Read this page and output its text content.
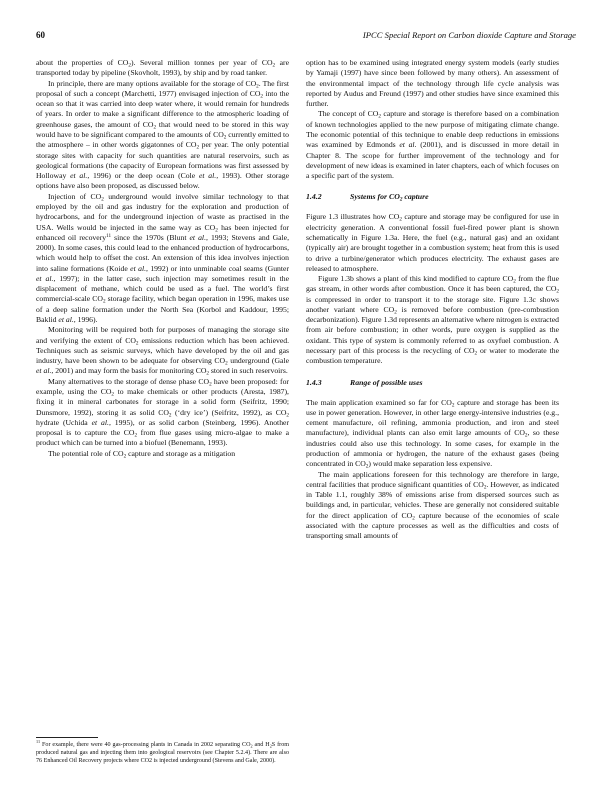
60	IPCC Special Report on Carbon dioxide Capture and Storage

about the properties of $CO_2$). Several million tonnes per year of $CO_2$ are transported today by pipeline (Skovholt, 1993), by ship and by road tanker.

In principle, there are many options available for the storage of $CO_2$. The first proposal of such a concept (Marchetti, 1977) envisaged injection of $CO_2$ into the ocean so that it was carried into deep water where, it would remain for hundreds of years. In order to make a significant difference to the atmospheric loading of greenhouse gases, the amount of $CO_2$ that would need to be stored in this way would have to be significant compared to the amounts of $CO_2$ currently emitted to the atmosphere – in other words gigatonnes of $CO_2$ per year. The only potential storage sites with capacity for such quantities are natural reservoirs, such as geological formations (the capacity of European formations was first assessed by Holloway et al., 1996) or the deep ocean (Cole et al., 1993). Other storage options have also been proposed, as discussed below.

Injection of $CO_2$ underground would involve similar technology to that employed by the oil and gas industry for the exploration and production of hydrocarbons, and for the underground injection of waste as practised in the USA. Wells would be injected in the same way as $CO_2$ has been injected for enhanced oil recovery$^{11}$ since the 1970s (Blunt et al., 1993; Stevens and Gale, 2000). In some cases, this could lead to the enhanced production of hydrocarbons, which would help to offset the cost. An extension of this idea involves injection into saline formations (Koide et al., 1992) or into unminable coal seams (Gunter et al., 1997); in the latter case, such injection may sometimes result in the displacement of methane, which could be used as a fuel. The world’s first commercial-scale $CO_2$ storage facility, which began operation in 1996, makes use of a deep saline formation under the North Sea (Korbol and Kaddour, 1995; Baklid et al., 1996).

Monitoring will be required both for purposes of managing the storage site and verifying the extent of $CO_2$ emissions reduction which has been achieved. Techniques such as seismic surveys, which have developed by the oil and gas industry, have been shown to be adequate for observing $CO_2$ underground (Gale et al., 2001) and may form the basis for monitoring $CO_2$ stored in such reservoirs.

Many alternatives to the storage of dense phase $CO_2$ have been proposed: for example, using the $CO_2$ to make chemicals or other products (Aresta, 1987), fixing it in mineral carbonates for storage in a solid form (Seifritz, 1990; Dunsmore, 1992), storing it as solid $CO_2$ (‘dry ice’) (Seifritz, 1992), as $CO_2$ hydrate (Uchida et al., 1995), or as solid carbon (Steinberg, 1996). Another proposal is to capture the $CO_2$ from flue gases using micro-algae to make a product which can be turned into a biofuel (Benemann, 1993).

The potential role of $CO_2$ capture and storage as a mitigation

option has to be examined using integrated energy system models (early studies by Yamaji (1997) have since been followed by many others). An assessment of the environmental impact of the technology through life cycle analysis was reported by Audus and Freund (1997) and other studies have since examined this further.

The concept of $CO_2$ capture and storage is therefore based on a combination of known technologies applied to the new purpose of mitigating climate change. The economic potential of this technique to enable deep reductions in emissions was examined by Edmonds et al. (2001), and is discussed in more detail in Chapter 8. The scope for further improvement of the technology and for development of new ideas is examined in later chapters, each of which focuses on a specific part of the system.

1.4.2	Systems for $CO_2$ capture

Figure 1.3 illustrates how $CO_2$ capture and storage may be configured for use in electricity generation. A conventional fossil fuel-fired power plant is shown schematically in Figure 1.3a. Here, the fuel (e.g., natural gas) and an oxidant (typically air) are brought together in a combustion system; heat from this is used to drive a turbine/generator which produces electricity. The exhaust gases are released to atmosphere.

Figure 1.3b shows a plant of this kind modified to capture $CO_2$ from the flue gas stream, in other words after combustion. Once it has been captured, the $CO_2$ is compressed in order to transport it to the storage site. Figure 1.3c shows another variant where $CO_2$ is removed before combustion (pre-combustion decarbonization). Figure 1.3d represents an alternative where nitrogen is extracted from air before combustion; in other words, pure oxygen is supplied as the oxidant. This type of system is commonly referred to as oxyfuel combustion. A necessary part of this process is the recycling of $CO_2$ or water to moderate the combustion temperature.

1.4.3	Range of possible uses

The main application examined so far for $CO_2$ capture and storage has been its use in power generation. However, in other large energy-intensive industries (e.g., cement manufacture, oil refining, ammonia production, and iron and steel manufacture), individual plants can also emit large amounts of $CO_2$, so these industries could also use this technology. In some cases, for example in the production of ammonia or hydrogen, the nature of the exhaust gases (being concentrated in $CO_2$) would make separation less expensive.

The main applications foreseen for this technology are therefore in large, central facilities that produce significant quantities of $CO_2$. However, as indicated in Table 1.1, roughly 38% of emissions arise from dispersed sources such as buildings and, in particular, vehicles. These are generally not considered suitable for the direct application of $CO_2$ capture because of the economies of scale associated with the capture processes as well as the difficulties and costs of transporting small amounts of

$^{11}$ For example, there were 40 gas-processing plants in Canada in 2002 separating $CO_2$ and $H_2S$ from produced natural gas and injecting them into geological reservoirs (see Chapter 5.2.4). There are also 76 Enhanced Oil Recovery projects where CO2 is injected underground (Stevens and Gale, 2000).
